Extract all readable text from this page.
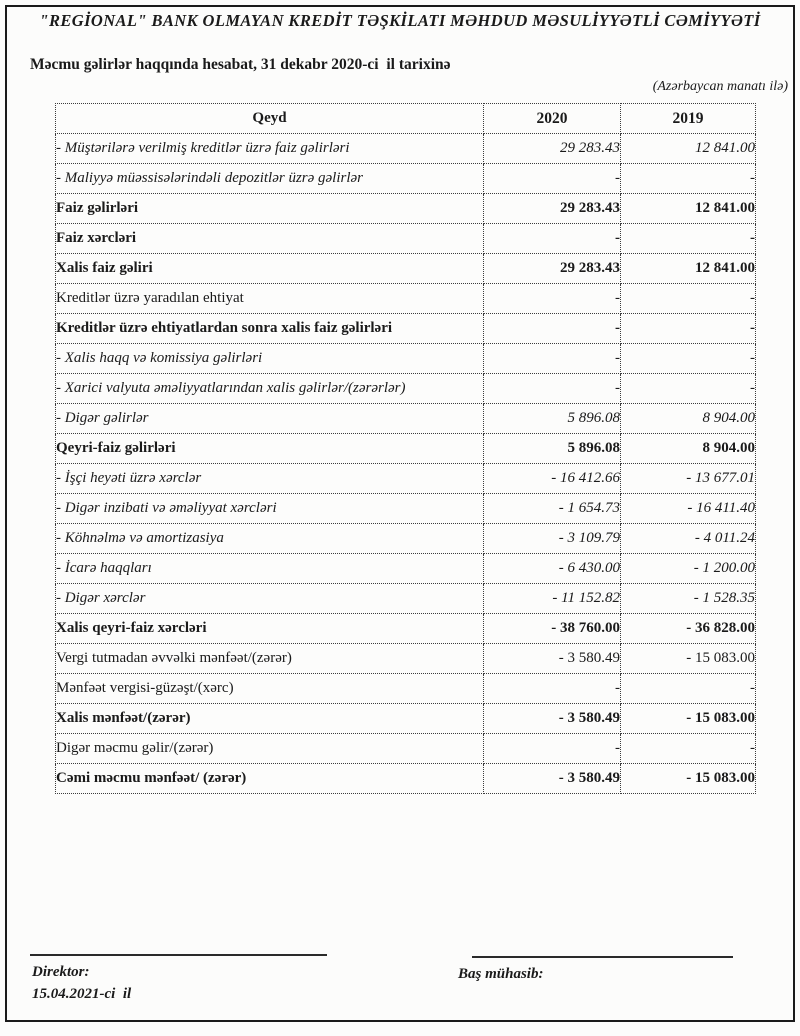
"REGİONAL" BANK OLMAYAN KREDİT TƏŞKİLATI MƏHDUD MƏSULİYYƏTLİ CƏMİYYƏTİ
Məcmu gəlirlər haqqında hesabat, 31 dekabr 2020-ci  il tarixinə
(Azərbaycan manatı ilə)
Qeyd	2020	2019
- Müştərilərə verilmiş kreditlər üzrə faiz gəlirləri	29 283.43	12 841.00
- Maliyyə müəssisələrindəli depozitlər üzrə gəlirlər	-	-
Faiz gəlirləri	29 283.43	12 841.00
Faiz xərcləri	-	-
Xalis faiz gəliri	29 283.43	12 841.00
Kreditlər üzrə yaradılan ehtiyat	-	-
Kreditlər üzrə ehtiyatlardan sonra xalis faiz gəlirləri	-	-
- Xalis haqq və komissiya gəlirləri	-	-
- Xarici valyuta əməliyyatlarından xalis gəlirlər/(zərərlər)	-	-
- Digər gəlirlər	5 896.08	8 904.00
Qeyri-faiz gəlirləri	5 896.08	8 904.00
- İşçi heyəti üzrə xərclər	- 16 412.66	- 13 677.01
- Digər inzibati və əməliyyat xərcləri	- 1 654.73	- 16 411.40
- Köhnəlmə və amortizasiya	- 3 109.79	- 4 011.24
- İcarə haqqları	- 6 430.00	- 1 200.00
- Digər xərclər	- 11 152.82	- 1 528.35
Xalis qeyri-faiz xərcləri	- 38 760.00	- 36 828.00
Vergi tutmadan əvvəlki mənfəət/(zərər)	- 3 580.49	- 15 083.00
Mənfəət vergisi-güzəşt/(xərc)	-	-
Xalis mənfəət/(zərər)	- 3 580.49	- 15 083.00
Digər məcmu gəlir/(zərər)	-	-
Cəmi məcmu mənfəət/ (zərər)	- 3 580.49	- 15 083.00
Direktor:
15.04.2021-ci  il
Baş mühasib:
